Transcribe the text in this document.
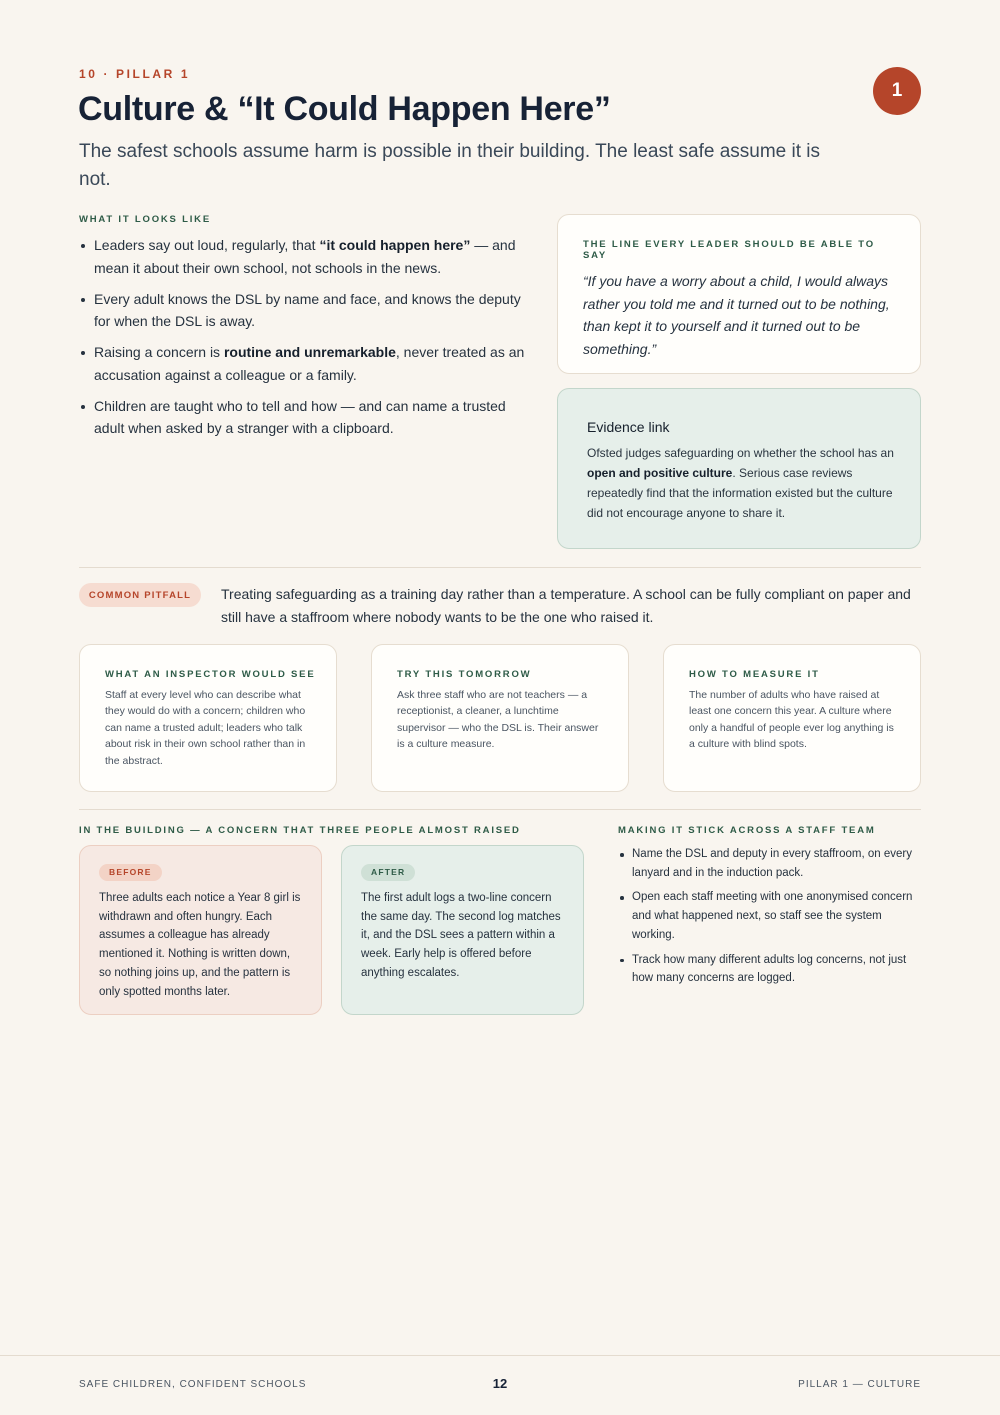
10 · PILLAR 1
1
Culture & “It Could Happen Here”

The safest schools assume harm is possible in their building. The least safe assume it is not.

WHAT IT LOOKS LIKE
Leaders say out loud, regularly, that “it could happen here” — and mean it about their own school, not schools in the news.
Every adult knows the DSL by name and face, and knows the deputy for when the DSL is away.
Raising a concern is routine and unremarkable, never treated as an accusation against a colleague or a family.
Children are taught who to tell and how — and can name a trusted adult when asked by a stranger with a clipboard.
THE LINE EVERY LEADER SHOULD BE ABLE TO SAY

“If you have a worry about a child, I would always rather you told me and it turned out to be nothing, than kept it to yourself and it turned out to be something.”

Evidence link

Ofsted judges safeguarding on whether the school has an open and positive culture. Serious case reviews repeatedly find that the information existed but the culture did not encourage anyone to share it.

COMMON PITFALL	Treating safeguarding as a training day rather than a temperature. A school can be fully compliant on paper and still have a staffroom where nobody wants to be the one who raised it.

WHAT AN INSPECTOR WOULD SEE

Staff at every level who can describe what they would do with a concern; children who can name a trusted adult; leaders who talk about risk in their own school rather than in the abstract.

TRY THIS TOMORROW

Ask three staff who are not teachers — a receptionist, a cleaner, a lunchtime supervisor — who the DSL is. Their answer is a culture measure.

HOW TO MEASURE IT

The number of adults who have raised at least one concern this year. A culture where only a handful of people ever log anything is a culture with blind spots.

IN THE BUILDING — A CONCERN THAT THREE PEOPLE ALMOST RAISED
BEFORE

Three adults each notice a Year 8 girl is withdrawn and often hungry. Each assumes a colleague has already mentioned it. Nothing is written down, so nothing joins up, and the pattern is only spotted months later.

AFTER

The first adult logs a two-line concern the same day. The second log matches it, and the DSL sees a pattern within a week. Early help is offered before anything escalates.

MAKING IT STICK ACROSS A STAFF TEAM
Name the DSL and deputy in every staffroom, on every lanyard and in the induction pack.
Open each staff meeting with one anonymised concern and what happened next, so staff see the system working.
Track how many different adults log concerns, not just how many concerns are logged.
SAFE CHILDREN, CONFIDENT SCHOOLS	12	PILLAR 1 — CULTURE
